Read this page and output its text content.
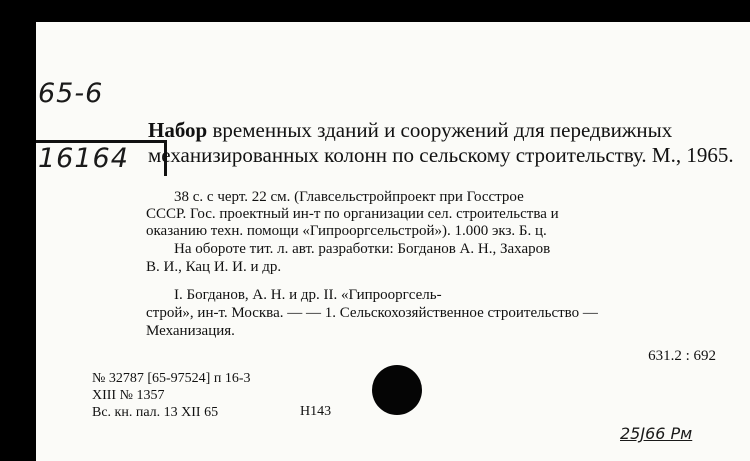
65-6
16164

Набор временных зданий и сооружений для передвижных механизированных колонн по сельскому строительству. М., 1965.

38 с. с черт. 22 см. (Главсельстройпроект при Госстрое

СССР. Гос. проектный ин-т по организации сел. строительства и

оказанию техн. помощи «Гипрооргсельстрой»). 1.000 экз. Б. ц.

На обороте тит. л. авт. разработки: Богданов А. Н., Захаров

В. И., Кац И. И. и др.

I. Богданов, А. Н. и др. II. «Гипрооргсель-

строй», ин-т. Москва. — — 1. Сельскохозяйственное строительство —

Механизация.

631.2 : 692

№ 32787 [65-97524] п 16-3
XIII № 1357
Вс. кн. пал. 13 XII 65	Н143

25J66 Рм
